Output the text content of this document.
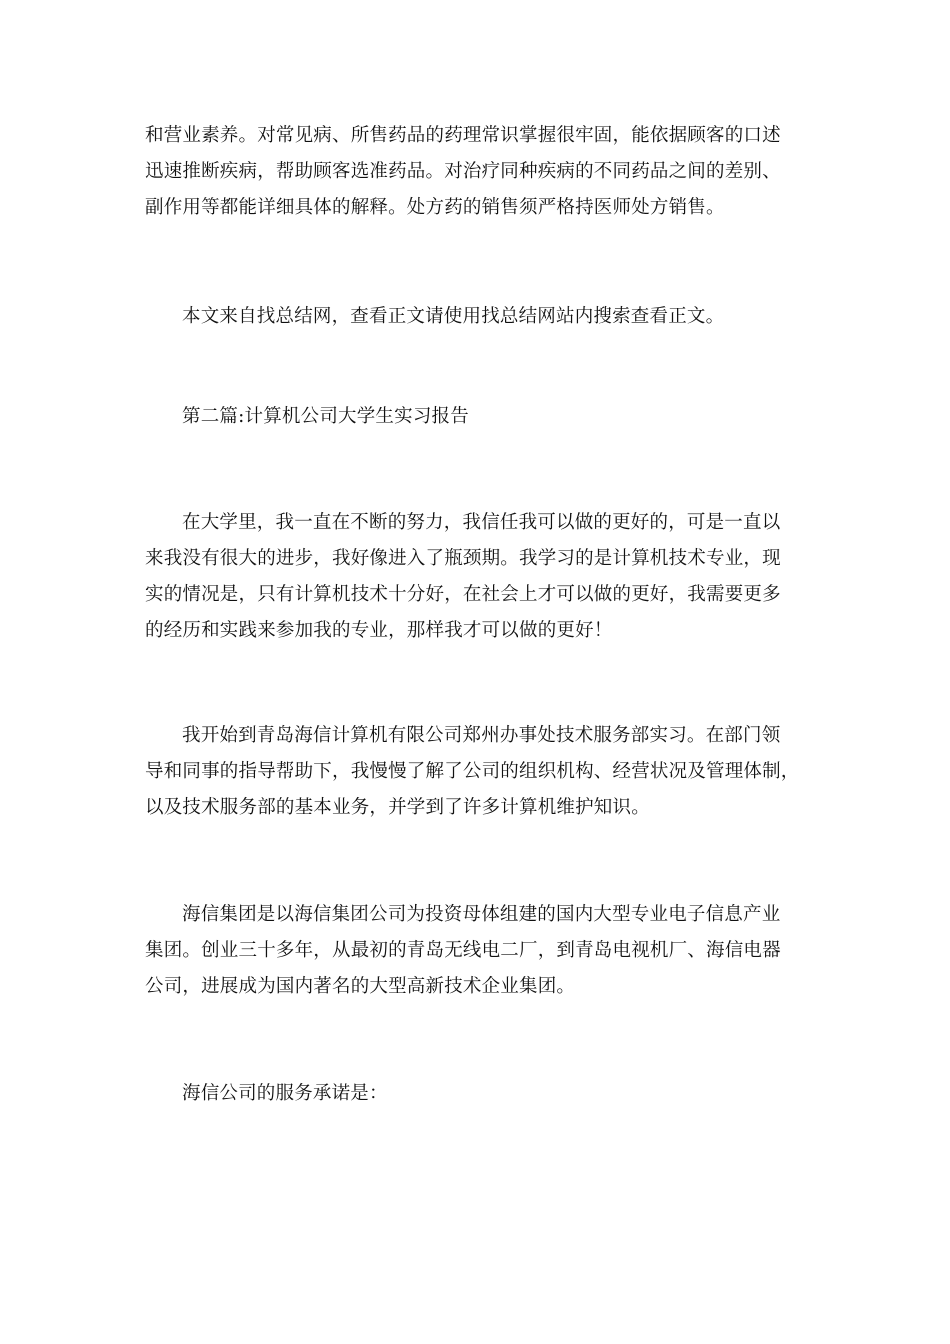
和营业素养。对常见病、所售药品的药理常识掌握很牢固，能依据顾客的口述
迅速推断疾病，帮助顾客选准药品。对治疗同种疾病的不同药品之间的差别、
副作用等都能详细具体的解释。处方药的销售须严格持医师处方销售。
本文来自找总结网，查看正文请使用找总结网站内搜索查看正文。
第二篇:计算机公司大学生实习报告
在大学里，我一直在不断的努力，我信任我可以做的更好的，可是一直以
来我没有很大的进步，我好像进入了瓶颈期。我学习的是计算机技术专业，现
实的情况是，只有计算机技术十分好，在社会上才可以做的更好，我需要更多
的经历和实践来参加我的专业，那样我才可以做的更好！
我开始到青岛海信计算机有限公司郑州办事处技术服务部实习。在部门领
导和同事的指导帮助下，我慢慢了解了公司的组织机构、经营状况及管理体制，
以及技术服务部的基本业务，并学到了许多计算机维护知识。
海信集团是以海信集团公司为投资母体组建的国内大型专业电子信息产业
集团。创业三十多年，从最初的青岛无线电二厂，到青岛电视机厂、海信电器
公司，进展成为国内著名的大型高新技术企业集团。
海信公司的服务承诺是：
